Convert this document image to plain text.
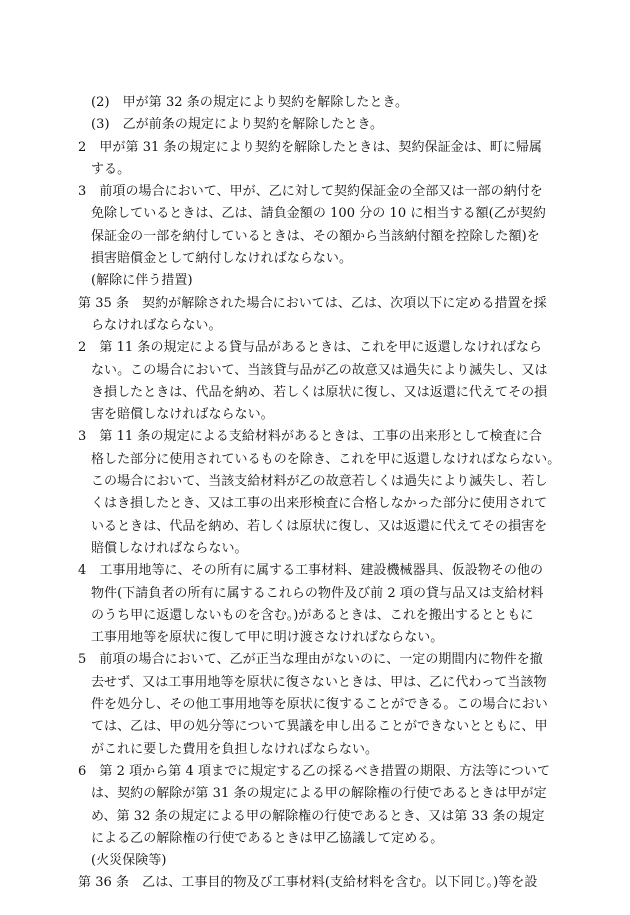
(2)　甲が第 32 条の規定により契約を解除したとき。
(3)　乙が前条の規定により契約を解除したとき。
2　甲が第 31 条の規定により契約を解除したときは、契約保証金は、町に帰属
する。
3　前項の場合において、甲が、乙に対して契約保証金の全部又は一部の納付を
免除しているときは、乙は、請負金額の 100 分の 10 に相当する額(乙が契約
保証金の一部を納付しているときは、その額から当該納付額を控除した額)を
損害賠償金として納付しなければならない。
(解除に伴う措置)
第 35 条　契約が解除された場合においては、乙は、次項以下に定める措置を採
らなければならない。
2　第 11 条の規定による貸与品があるときは、これを甲に返還しなければなら
ない。この場合において、当該貸与品が乙の故意又は過失により滅失し、又は
き損したときは、代品を納め、若しくは原状に復し、又は返還に代えてその損
害を賠償しなければならない。
3　第 11 条の規定による支給材料があるときは、工事の出来形として検査に合
格した部分に使用されているものを除き、これを甲に返還しなければならない。
この場合において、当該支給材料が乙の故意若しくは過失により滅失し、若し
くはき損したとき、又は工事の出来形検査に合格しなかった部分に使用されて
いるときは、代品を納め、若しくは原状に復し、又は返還に代えてその損害を
賠償しなければならない。
4　工事用地等に、その所有に属する工事材料、建設機械器具、仮設物その他の
物件(下請負者の所有に属するこれらの物件及び前 2 項の貸与品又は支給材料
のうち甲に返還しないものを含む。)があるときは、これを搬出するとともに
工事用地等を原状に復して甲に明け渡さなければならない。
5　前項の場合において、乙が正当な理由がないのに、一定の期間内に物件を撤
去せず、又は工事用地等を原状に復さないときは、甲は、乙に代わって当該物
件を処分し、その他工事用地等を原状に復することができる。この場合におい
ては、乙は、甲の処分等について異議を申し出ることができないとともに、甲
がこれに要した費用を負担しなければならない。
6　第 2 項から第 4 項までに規定する乙の採るべき措置の期限、方法等について
は、契約の解除が第 31 条の規定による甲の解除権の行使であるときは甲が定
め、第 32 条の規定による甲の解除権の行使であるとき、又は第 33 条の規定
による乙の解除権の行使であるときは甲乙協議して定める。
(火災保険等)
第 36 条　乙は、工事目的物及び工事材料(支給材料を含む。以下同じ。)等を設
